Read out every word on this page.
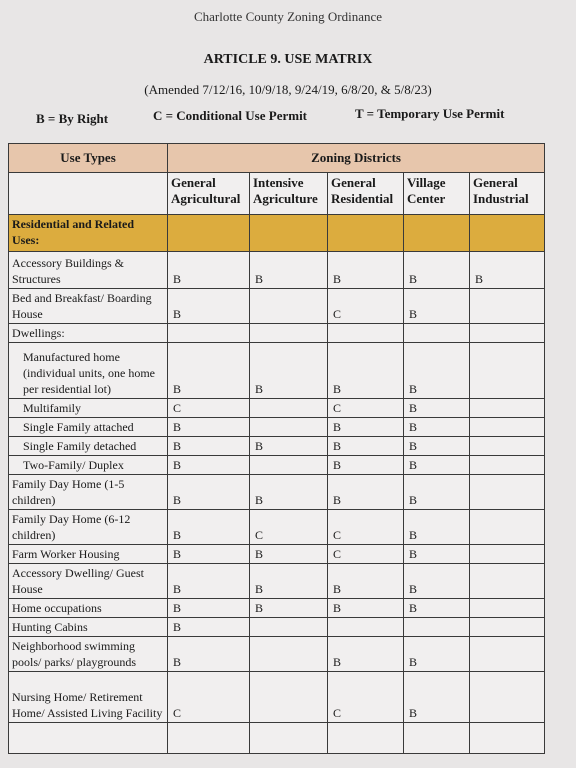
Charlotte County Zoning Ordinance
ARTICLE 9. USE MATRIX
(Amended 7/12/16, 10/9/18, 9/24/19, 6/8/20, & 5/8/23)
B = By Right	C = Conditional Use Permit	T = Temporary Use Permit
Use Types	Zoning Districts				
	General Agricultural	Intensive Agriculture	General Residential	Village Center	General Industrial
Residential and Related Uses:					
Accessory Buildings & Structures	B	B	B	B	B
Bed and Breakfast/ Boarding House	B		C	B	
Dwellings:					
Manufactured home (individual units, one home per residential lot)	B	B	B	B	
Multifamily	C		C	B	
Single Family attached	B		B	B	
Single Family detached	B	B	B	B	
Two-Family/ Duplex	B		B	B	
Family Day Home (1-5 children)	B	B	B	B	
Family Day Home (6-12 children)	B	C	C	B	
Farm Worker Housing	B	B	C	B	
Accessory Dwelling/ Guest House	B	B	B	B	
Home occupations	B	B	B	B	
Hunting Cabins	B				
Neighborhood swimming pools/ parks/ playgrounds	B		B	B	
Nursing Home/ Retirement Home/ Assisted Living Facility	C		C	B	
